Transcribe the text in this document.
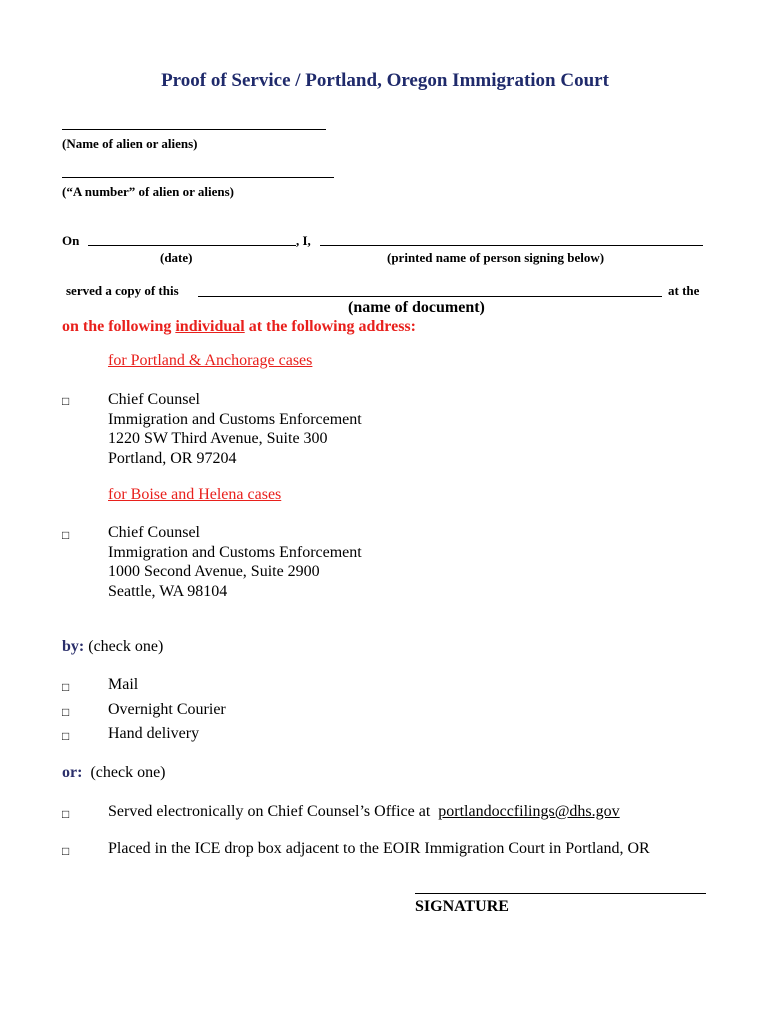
Proof of Service / Portland, Oregon Immigration Court
(Name of alien or aliens)
(“A number” of alien or aliens)
On	, I,
(date)	(printed name of person signing below)
served a copy of this	at the
(name of document)
on the following individual at the following address:
for Portland & Anchorage cases
□ Chief Counsel
Immigration and Customs Enforcement
1220 SW Third Avenue, Suite 300
Portland, OR 97204
for Boise and Helena cases
□ Chief Counsel
Immigration and Customs Enforcement
1000 Second Avenue, Suite 2900
Seattle, WA 98104
by: (check one)
□ Mail
□ Overnight Courier
□ Hand delivery
or: (check one)
□ Served electronically on Chief Counsel’s Office at portlandoccfilings@dhs.gov
□ Placed in the ICE drop box adjacent to the EOIR Immigration Court in Portland, OR
SIGNATURE
